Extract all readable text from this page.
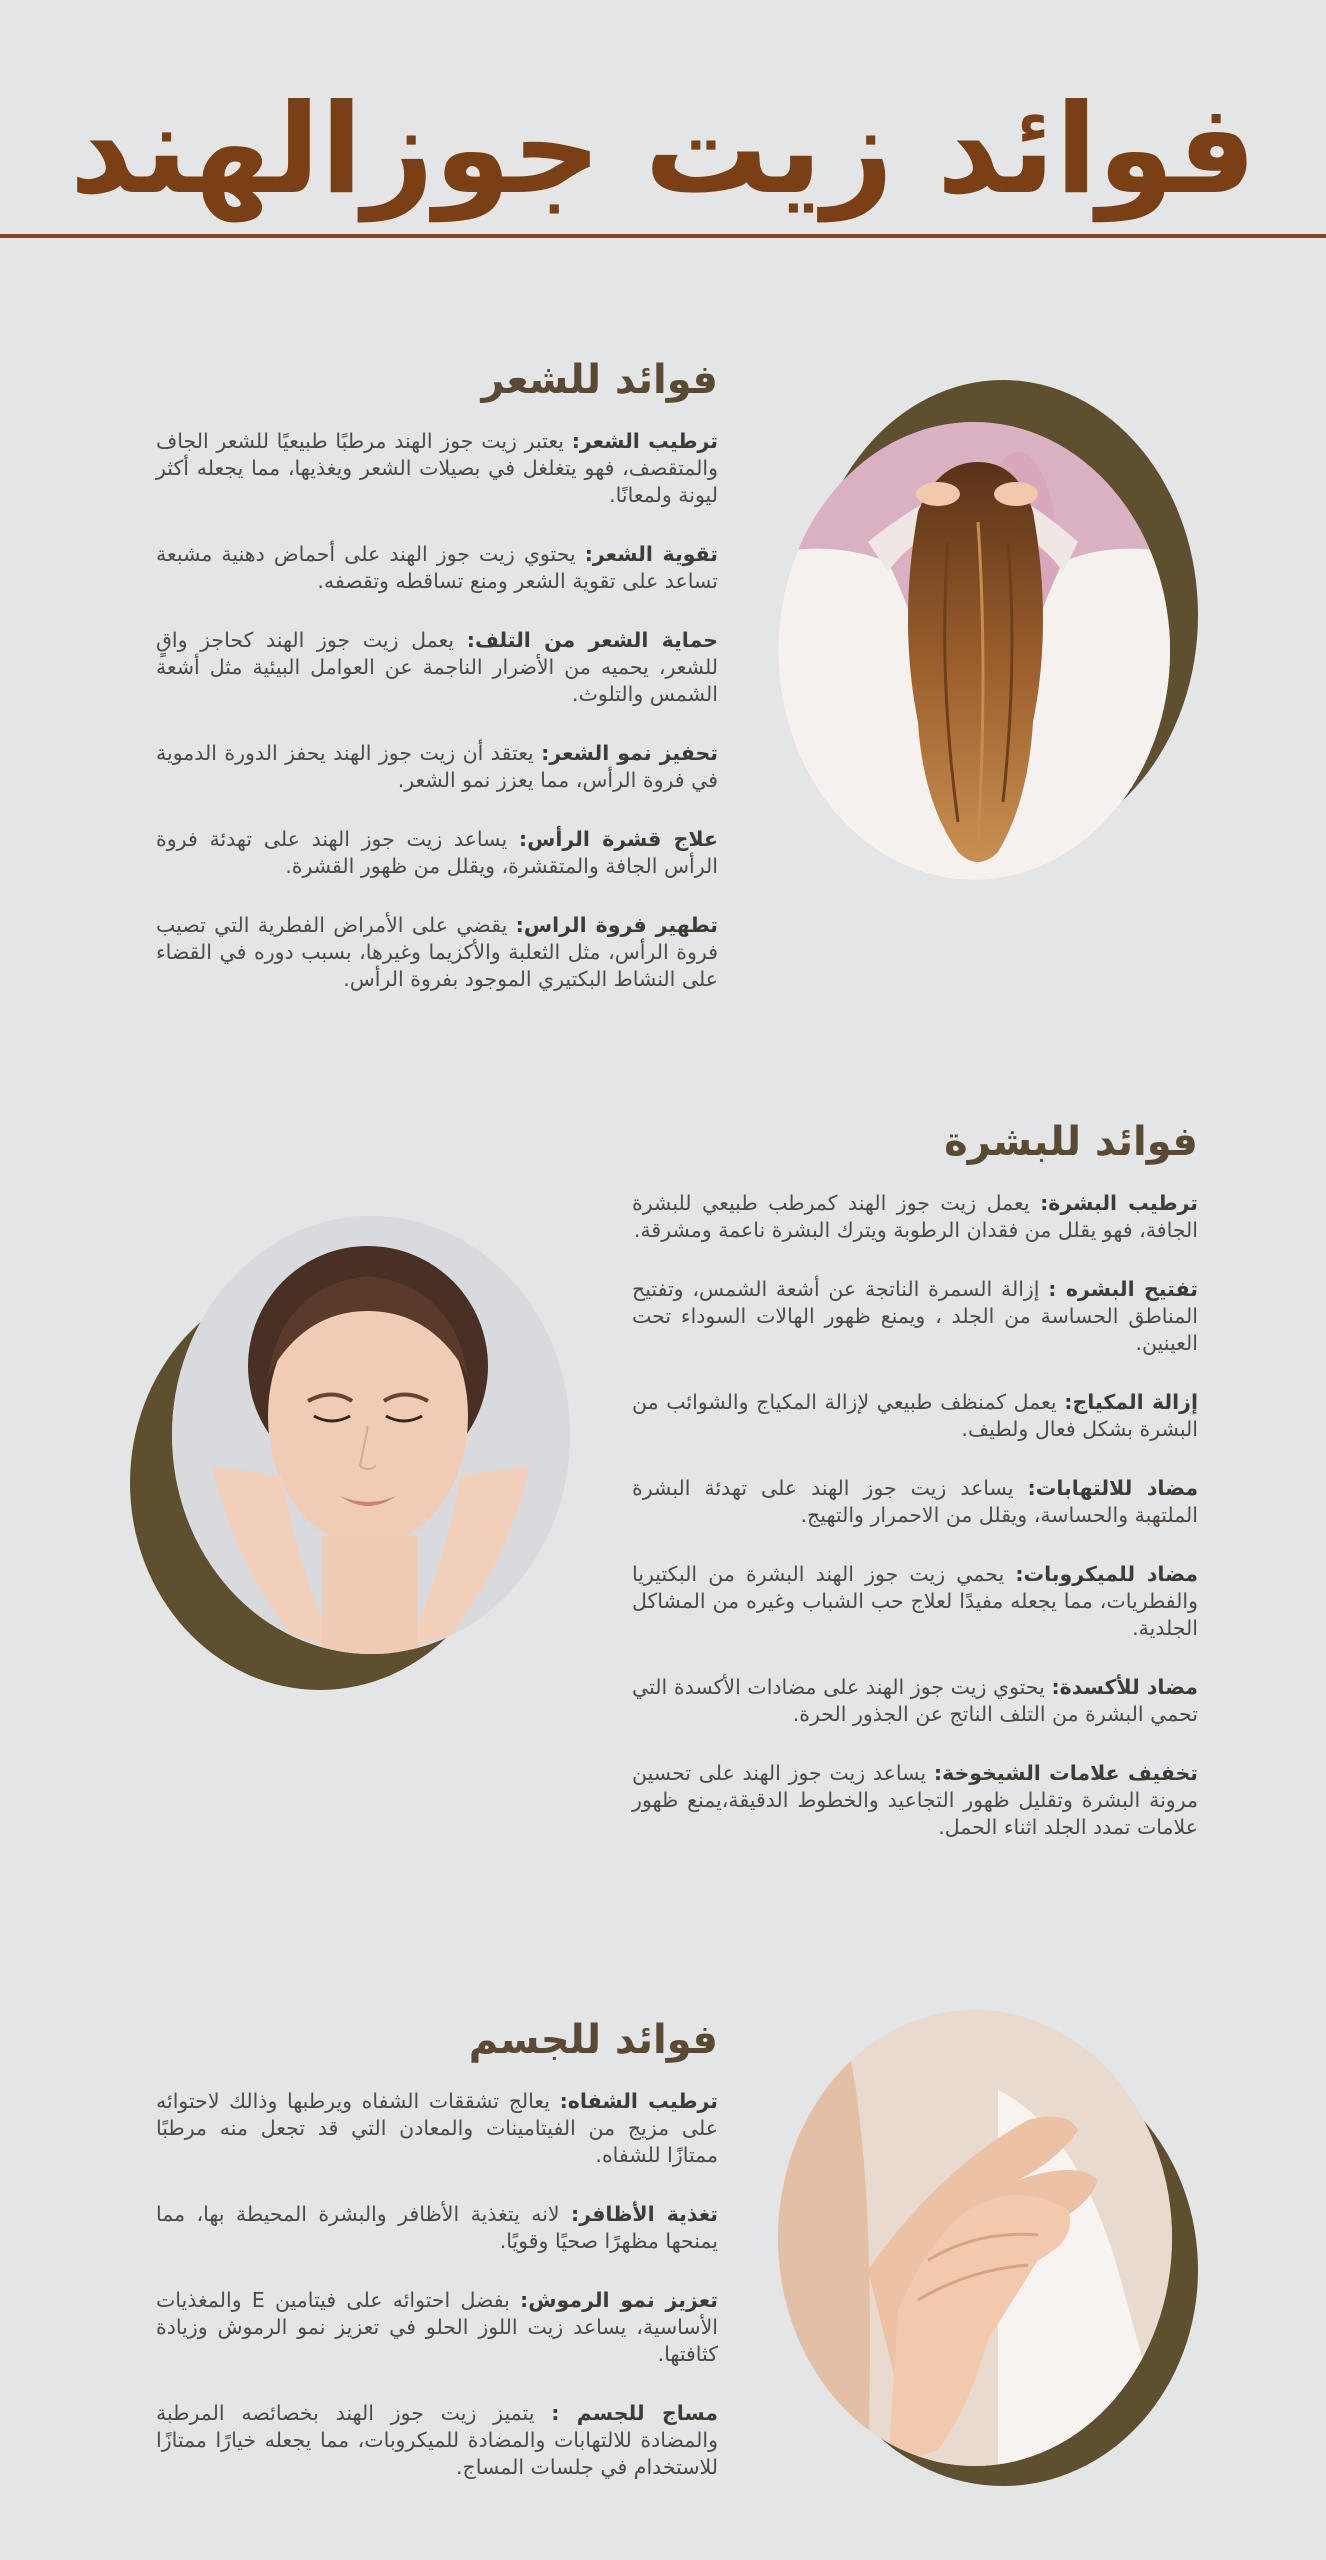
فوائد زيت جوزالهند
فوائد للشعر
ترطيب الشعر: يعتبر زيت جوز الهند مرطبًا طبيعيًا للشعر الجاف والمتقصف، فهو يتغلغل في بصيلات الشعر ويغذيها، مما يجعله أكثر ليونة ولمعانًا.
تقوية الشعر: يحتوي زيت جوز الهند على أحماض دهنية مشبعة تساعد على تقوية الشعر ومنع تساقطه وتقصفه.
حماية الشعر من التلف: يعمل زيت جوز الهند كحاجز واقٍ للشعر، يحميه من الأضرار الناجمة عن العوامل البيئية مثل أشعة الشمس والتلوث.
تحفيز نمو الشعر: يعتقد أن زيت جوز الهند يحفز الدورة الدموية في فروة الرأس، مما يعزز نمو الشعر.
علاج قشرة الرأس: يساعد زيت جوز الهند على تهدئة فروة الرأس الجافة والمتقشرة، ويقلل من ظهور القشرة.
تطهير فروة الراس: يقضي على الأمراض الفطرية التي تصيب فروة الرأس، مثل الثعلبة والأكزيما وغيرها، بسبب دوره في القضاء على النشاط البكتيري الموجود بفروة الرأس.
فوائد للبشرة
ترطيب البشرة: يعمل زيت جوز الهند كمرطب طبيعي للبشرة الجافة، فهو يقلل من فقدان الرطوبة ويترك البشرة ناعمة ومشرقة.
تفتيح البشره : إزالة السمرة الناتجة عن أشعة الشمس، وتفتيح المناطق الحساسة من الجلد ، ويمنع ظهور الهالات السوداء تحت العينين.
إزالة المكياج: يعمل كمنظف طبيعي لإزالة المكياج والشوائب من البشرة بشكل فعال ولطيف.
مضاد للالتهابات: يساعد زيت جوز الهند على تهدئة البشرة الملتهبة والحساسة، ويقلل من الاحمرار والتهيج.
مضاد للميكروبات: يحمي زيت جوز الهند البشرة من البكتيريا والفطريات، مما يجعله مفيدًا لعلاج حب الشباب وغيره من المشاكل الجلدية.
مضاد للأكسدة: يحتوي زيت جوز الهند على مضادات الأكسدة التي تحمي البشرة من التلف الناتج عن الجذور الحرة.
تخفيف علامات الشيخوخة: يساعد زيت جوز الهند على تحسين مرونة البشرة وتقليل ظهور التجاعيد والخطوط الدقيقة،يمنع ظهور علامات تمدد الجلد اثناء الحمل.
فوائد للجسم
ترطيب الشفاه: يعالج تشققات الشفاه ويرطبها وذالك لاحتوائه على مزيج من الفيتامينات والمعادن التي قد تجعل منه مرطبًا ممتازًا للشفاه.
تغذية الأظافر: لانه يتغذية الأظافر والبشرة المحيطة بها، مما يمنحها مظهرًا صحيًا وقويًا.
تعزيز نمو الرموش: بفضل احتوائه على فيتامين E والمغذيات الأساسية، يساعد زيت اللوز الحلو في تعزيز نمو الرموش وزيادة كثافتها.
مساج للجسم : يتميز زيت جوز الهند بخصائصه المرطبة والمضادة للالتهابات والمضادة للميكروبات، مما يجعله خيارًا ممتازًا للاستخدام في جلسات المساج.
